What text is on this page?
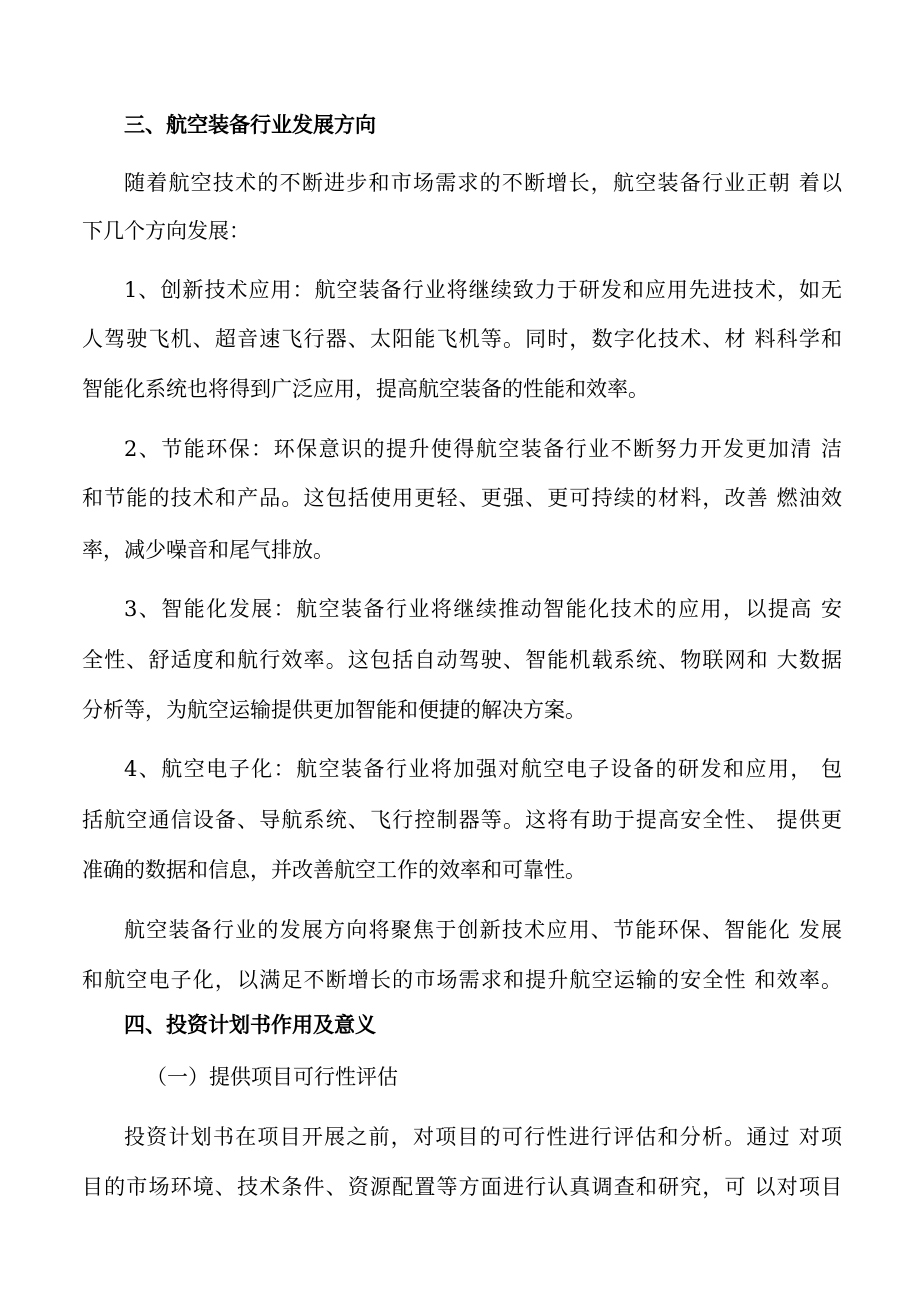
三、航空装备行业发展方向
随着航空技术的不断进步和市场需求的不断增长，航空装备行业正朝 着以
下几个方向发展：
1、创新技术应用：航空装备行业将继续致力于研发和应用先进技术，如无
人驾驶飞机、超音速飞行器、太阳能飞机等。同时，数字化技术、材 料科学和
智能化系统也将得到广泛应用，提高航空装备的性能和效率。
2、节能环保：环保意识的提升使得航空装备行业不断努力开发更加清 洁
和节能的技术和产品。这包括使用更轻、更强、更可持续的材料，改善 燃油效
率，减少噪音和尾气排放。
3、智能化发展：航空装备行业将继续推动智能化技术的应用，以提高 安
全性、舒适度和航行效率。这包括自动驾驶、智能机载系统、物联网和 大数据
分析等，为航空运输提供更加智能和便捷的解决方案。
4、航空电子化：航空装备行业将加强对航空电子设备的研发和应用， 包
括航空通信设备、导航系统、飞行控制器等。这将有助于提高安全性、 提供更
准确的数据和信息，并改善航空工作的效率和可靠性。
航空装备行业的发展方向将聚焦于创新技术应用、节能环保、智能化 发展
和航空电子化，以满足不断增长的市场需求和提升航空运输的安全性 和效率。
四、投资计划书作用及意义
（一）提供项目可行性评估
投资计划书在项目开展之前，对项目的可行性进行评估和分析。通过 对项
目的市场环境、技术条件、资源配置等方面进行认真调查和研究，可 以对项目
